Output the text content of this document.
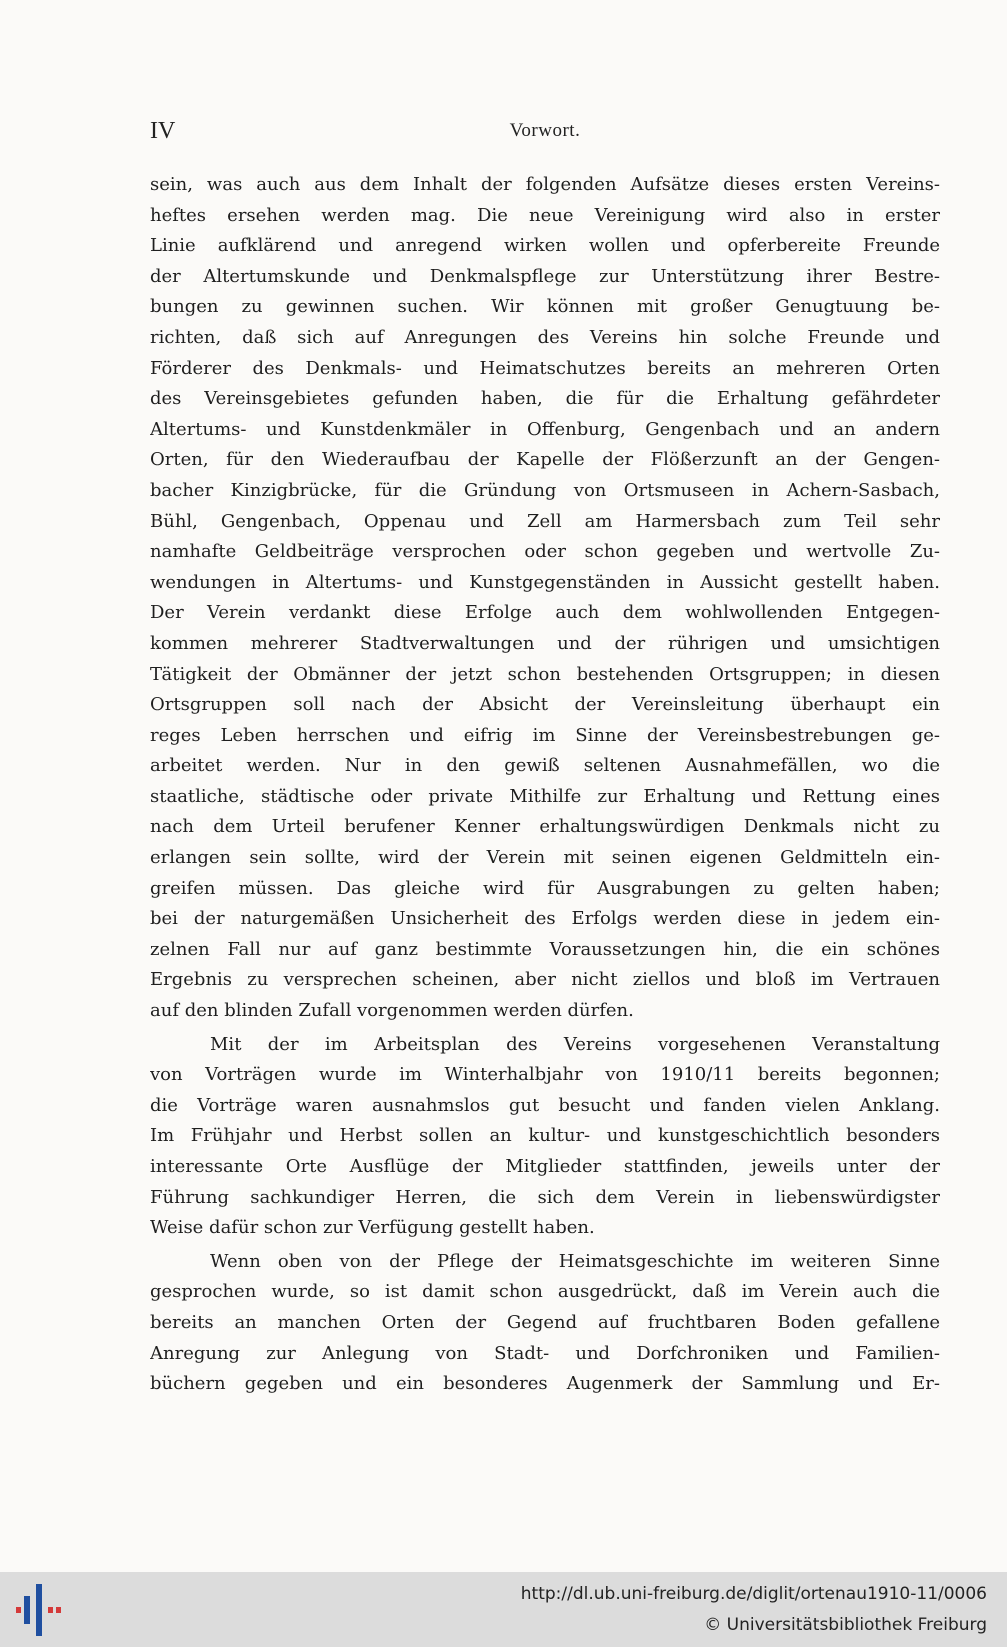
IV	Vorwort.
sein, was auch aus dem Inhalt der folgenden Aufsätze dieses ersten Vereins-
heftes ersehen werden mag. Die neue Vereinigung wird also in erster
Linie aufklärend und anregend wirken wollen und opferbereite Freunde
der Altertumskunde und Denkmalspflege zur Unterstützung ihrer Bestre-
bungen zu gewinnen suchen. Wir können mit großer Genugtuung be-
richten, daß sich auf Anregungen des Vereins hin solche Freunde und
Förderer des Denkmals- und Heimatschutzes bereits an mehreren Orten
des Vereinsgebietes gefunden haben, die für die Erhaltung gefährdeter
Altertums- und Kunstdenkmäler in Offenburg, Gengenbach und an andern
Orten, für den Wiederaufbau der Kapelle der Flößerzunft an der Gengen-
bacher Kinzigbrücke, für die Gründung von Ortsmuseen in Achern-Sasbach,
Bühl, Gengenbach, Oppenau und Zell am Harmersbach zum Teil sehr
namhafte Geldbeiträge versprochen oder schon gegeben und wertvolle Zu-
wendungen in Altertums- und Kunstgegenständen in Aussicht gestellt haben.
Der Verein verdankt diese Erfolge auch dem wohlwollenden Entgegen-
kommen mehrerer Stadtverwaltungen und der rührigen und umsichtigen
Tätigkeit der Obmänner der jetzt schon bestehenden Ortsgruppen; in diesen
Ortsgruppen soll nach der Absicht der Vereinsleitung überhaupt ein
reges Leben herrschen und eifrig im Sinne der Vereinsbestrebungen ge-
arbeitet werden. Nur in den gewiß seltenen Ausnahmefällen, wo die
staatliche, städtische oder private Mithilfe zur Erhaltung und Rettung eines
nach dem Urteil berufener Kenner erhaltungswürdigen Denkmals nicht zu
erlangen sein sollte, wird der Verein mit seinen eigenen Geldmitteln ein-
greifen müssen. Das gleiche wird für Ausgrabungen zu gelten haben;
bei der naturgemäßen Unsicherheit des Erfolgs werden diese in jedem ein-
zelnen Fall nur auf ganz bestimmte Voraussetzungen hin, die ein schönes
Ergebnis zu versprechen scheinen, aber nicht ziellos und bloß im Vertrauen
auf den blinden Zufall vorgenommen werden dürfen.
Mit der im Arbeitsplan des Vereins vorgesehenen Veranstaltung
von Vorträgen wurde im Winterhalbjahr von 1910/11 bereits begonnen;
die Vorträge waren ausnahmslos gut besucht und fanden vielen Anklang.
Im Frühjahr und Herbst sollen an kultur- und kunstgeschichtlich besonders
interessante Orte Ausflüge der Mitglieder stattfinden, jeweils unter der
Führung sachkundiger Herren, die sich dem Verein in liebenswürdigster
Weise dafür schon zur Verfügung gestellt haben.
Wenn oben von der Pflege der Heimatsgeschichte im weiteren Sinne
gesprochen wurde, so ist damit schon ausgedrückt, daß im Verein auch die
bereits an manchen Orten der Gegend auf fruchtbaren Boden gefallene
Anregung zur Anlegung von Stadt- und Dorfchroniken und Familien-
büchern gegeben und ein besonderes Augenmerk der Sammlung und Er-
http://dl.ub.uni-freiburg.de/diglit/ortenau1910-11/0006
© Universitätsbibliothek Freiburg
